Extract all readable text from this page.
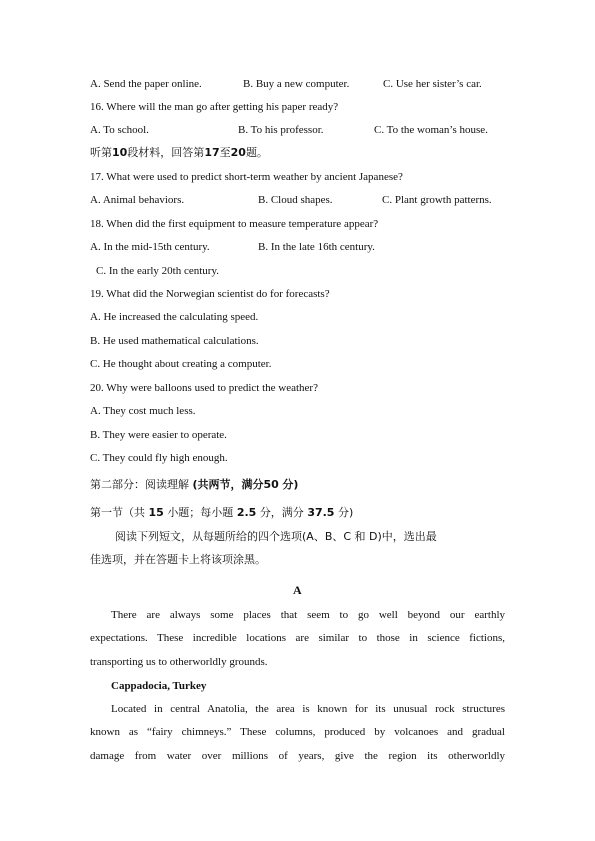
A. Send the paper online.	B. Buy a new computer.	C. Use her sister’s car.
16. Where will the man go after getting his paper ready?
A. To school.	B. To his professor.	C. To the woman’s house.
听第10段材料，回答第17至20题。
17. What were used to predict short-term weather by ancient Japanese?
A. Animal behaviors.	B. Cloud shapes.	C. Plant growth patterns.
18. When did the first equipment to measure temperature appear?
A. In the mid-15th century.	B. In the late 16th century.
C. In the early 20th century.
19. What did the Norwegian scientist do for forecasts?
A. He increased the calculating speed.
B. He used mathematical calculations.
C. He thought about creating a computer.
20. Why were balloons used to predict the weather?
A. They cost much less.
B. They were easier to operate.
C. They could fly high enough.
第二部分：阅读理解 (共两节，满分50 分)
第一节（共 15 小题；每小题 2.5 分，满分 37.5 分)
阅读下列短文，从每题所给的四个选项(A、B、C 和 D)中，选出最
佳选项，并在答题卡上将该项涂黑。
A
There are always some places that seem to go well beyond our earthly
expectations. These incredible locations are similar to those in science fictions,
transporting us to otherworldly grounds.
Cappadocia, Turkey
Located in central Anatolia, the area is known for its unusual rock structures
known as “fairy chimneys.” These columns, produced by volcanoes and gradual
damage from water over millions of years, give the region its otherworldly
